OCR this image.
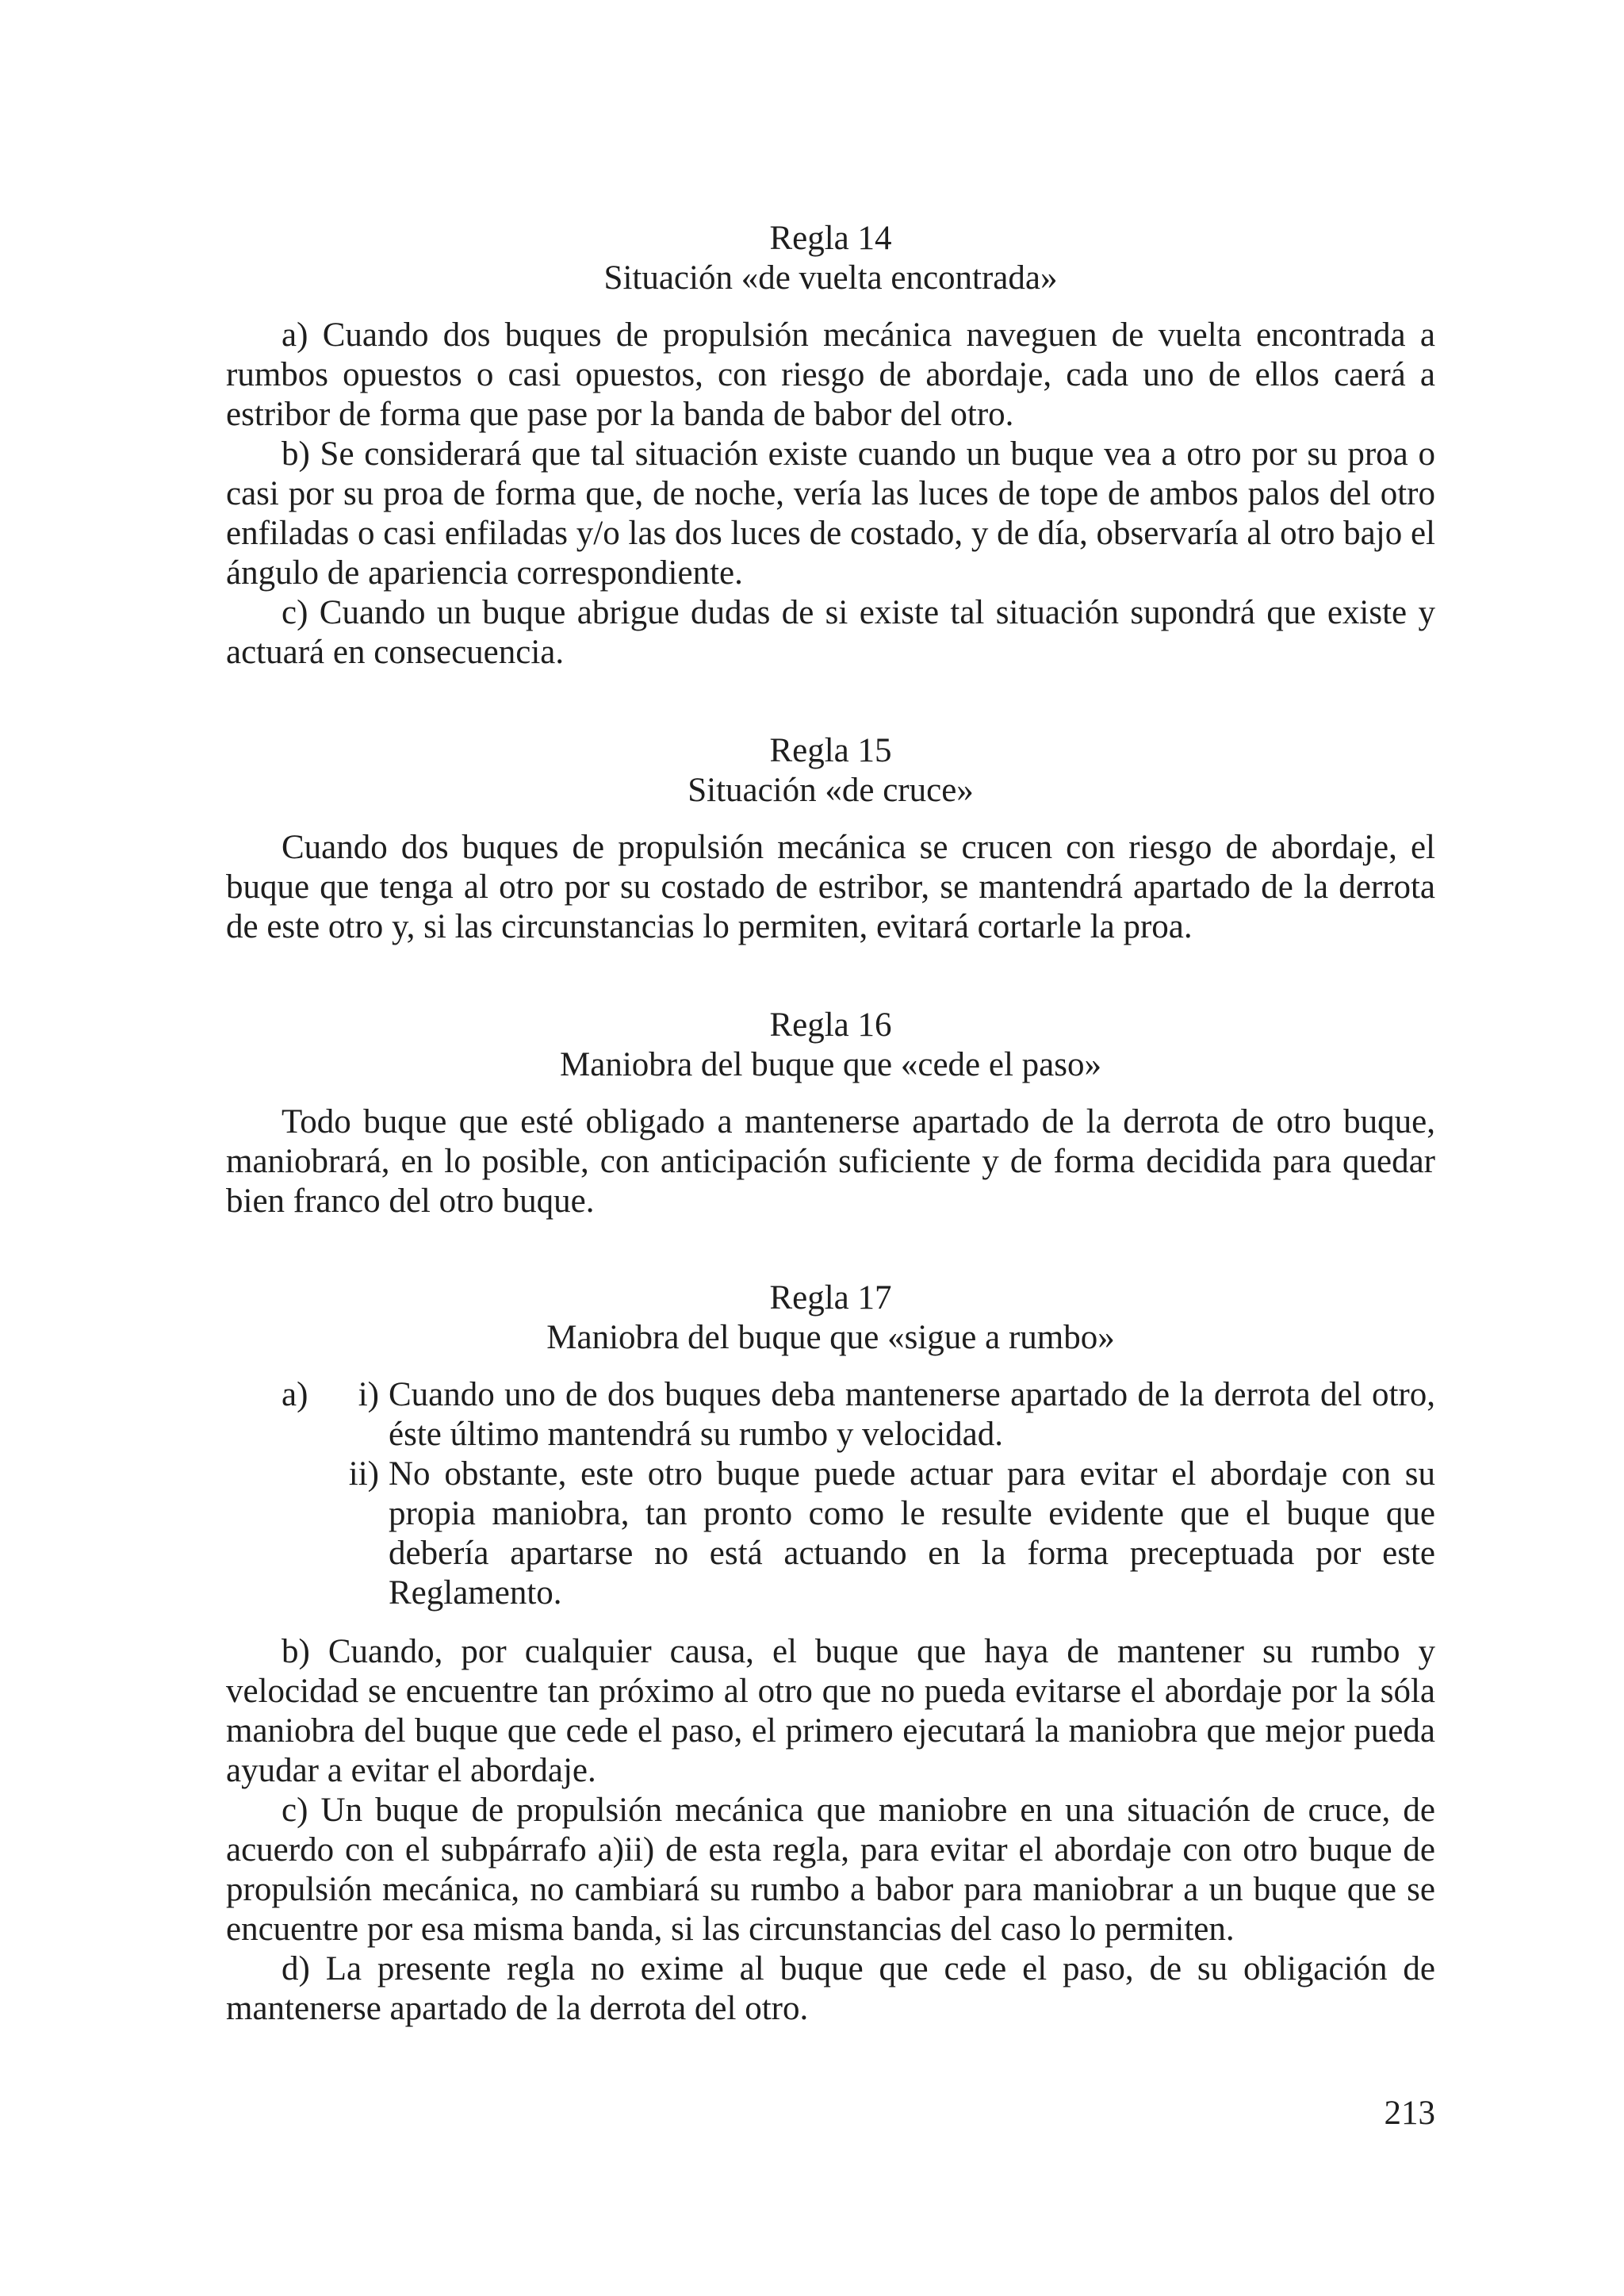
Regla 14
Situación «de vuelta encontrada»

a) Cuando dos buques de propulsión mecánica naveguen de vuelta encontrada a rumbos opuestos o casi opuestos, con riesgo de abordaje, cada uno de ellos caerá a estribor de forma que pase por la banda de babor del otro.

b) Se considerará que tal situación existe cuando un buque vea a otro por su proa o casi por su proa de forma que, de noche, vería las luces de tope de ambos palos del otro enfiladas o casi enfiladas y/o las dos luces de costado, y de día, observaría al otro bajo el ángulo de apariencia correspondiente.

c) Cuando un buque abrigue dudas de si existe tal situación supondrá que existe y actuará en consecuencia.

Regla 15
Situación «de cruce»

Cuando dos buques de propulsión mecánica se crucen con riesgo de abordaje, el buque que tenga al otro por su costado de estribor, se mantendrá apartado de la derrota de este otro y, si las circunstancias lo permiten, evitará cortarle la proa.

Regla 16
Maniobra del buque que «cede el paso»

Todo buque que esté obligado a mantenerse apartado de la derrota de otro buque, maniobrará, en lo posible, con anticipación suficiente y de forma decidida para quedar bien franco del otro buque.

Regla 17
Maniobra del buque que «sigue a rumbo»
a)	i) Cuando uno de dos buques deba mantenerse apartado de la derrota del otro, éste último mantendrá su rumbo y velocidad.
ii) No obstante, este otro buque puede actuar para evitar el abordaje con su propia maniobra, tan pronto como le resulte evidente que el buque que debería apartarse no está actuando en la forma preceptuada por este Reglamento.

b) Cuando, por cualquier causa, el buque que haya de mantener su rumbo y velocidad se encuentre tan próximo al otro que no pueda evitarse el abordaje por la sóla maniobra del buque que cede el paso, el primero ejecutará la maniobra que mejor pueda ayudar a evitar el abordaje.

c) Un buque de propulsión mecánica que maniobre en una situación de cruce, de acuerdo con el subpárrafo a)ii) de esta regla, para evitar el abordaje con otro buque de propulsión mecánica, no cambiará su rumbo a babor para maniobrar a un buque que se encuentre por esa misma banda, si las circunstancias del caso lo permiten.

d) La presente regla no exime al buque que cede el paso, de su obligación de mantenerse apartado de la derrota del otro.

213
